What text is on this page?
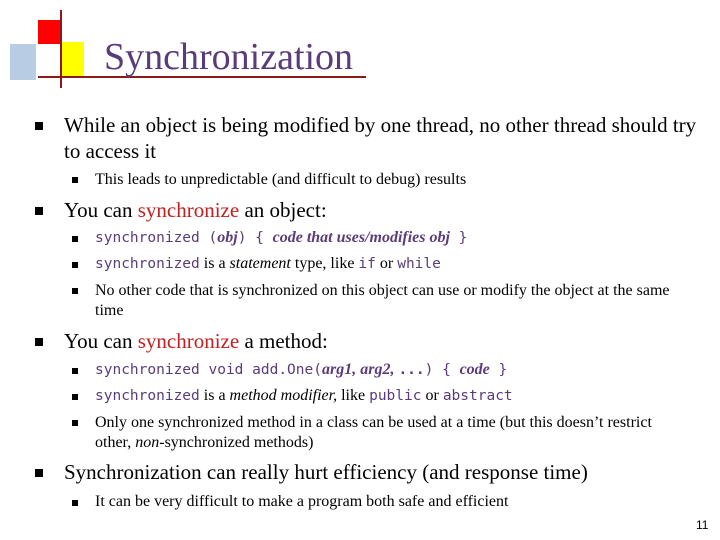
Synchronization
While an object is being modified by one thread, no other thread should try to access it
This leads to unpredictable (and difficult to debug) results
You can synchronize an object:
synchronized (obj) { code that uses/modifies obj }
synchronized is a statement type, like if or while
No other code that is synchronized on this object can use or modify the object at the same time
You can synchronize a method:
synchronized void add.One(arg1, arg2, ...) { code }
synchronized is a method modifier, like public or abstract
Only one synchronized method in a class can be used at a time (but this doesn’t restrict other, non-synchronized methods)
Synchronization can really hurt efficiency (and response time)
It can be very difficult to make a program both safe and efficient
11
